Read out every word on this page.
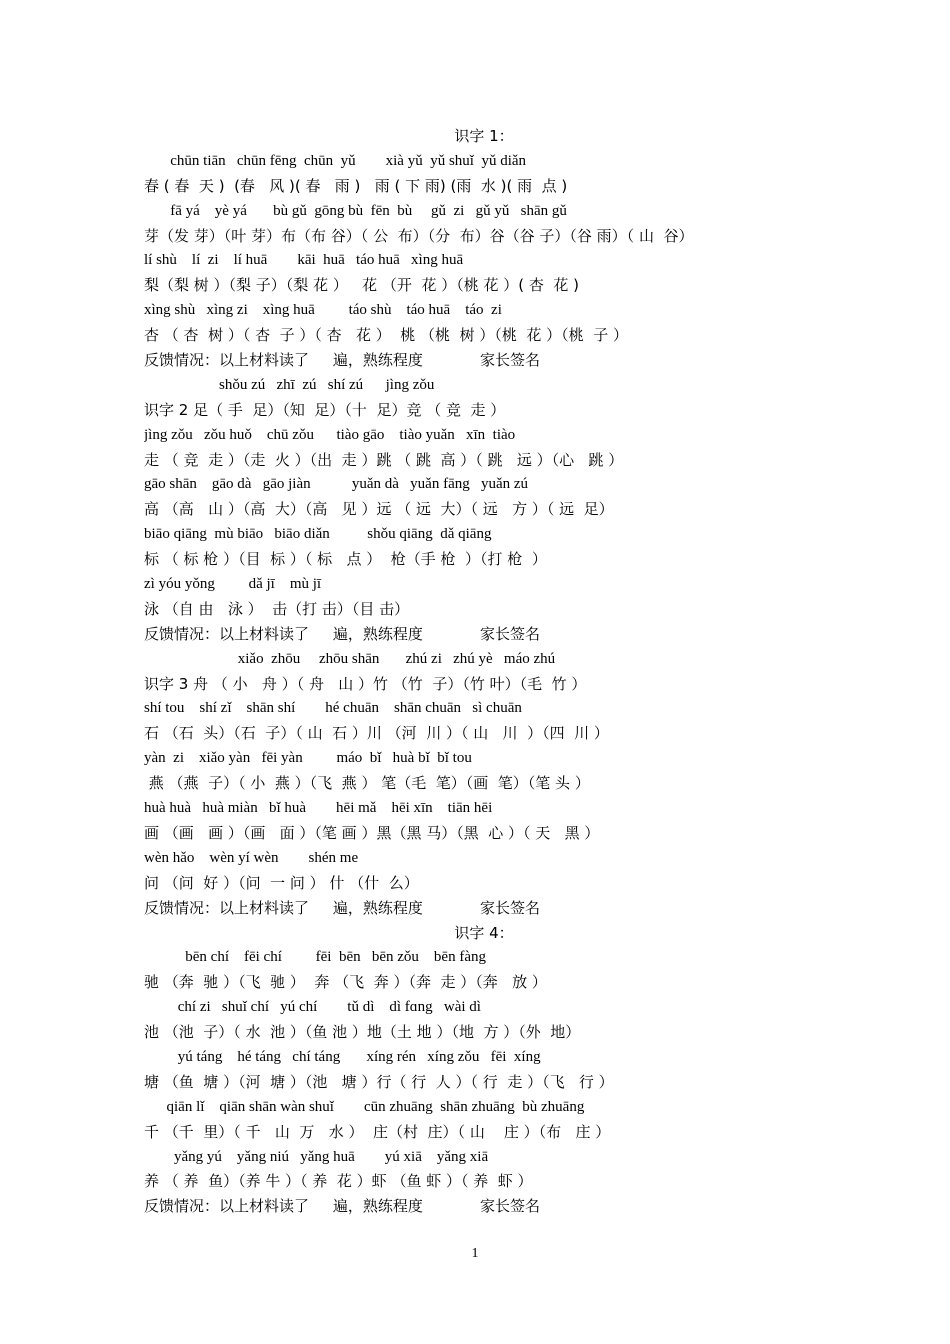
识字 1：
chūn tiān   chūn fēng  chūn  yǔ        xià yǔ  yǔ shuǐ  yǔ diǎn
春 ( 春  天 )  (春   风 )( 春   雨 )   雨 ( 下 雨) (雨  水 )( 雨  点 )
fā yá    yè yá       bù gǔ  gōng bù  fēn  bù     gǔ  zi   gǔ yǔ   shān gǔ
芽（发 芽）（叶 芽）布（布 谷）（ 公  布）（分  布）谷（谷 子）（谷 雨）（ 山  谷）
lí shù    lí  zi    lí huā        kāi  huā   táo huā   xìng huā
梨（梨 树 ）（梨 子）（梨 花 ）   花 （开  花 ）（桃 花 ）( 杏  花 )
xìng shù   xìng zi    xìng huā         táo shù    táo huā    táo  zi
杏 （ 杏  树 ）（ 杏  子 ）（ 杏   花 ）  桃 （桃  树 ）（桃  花 ）（桃  子 ）
反馈情况：以上材料读了     遍，熟练程度            家长签名
shǒu zú   zhī  zú   shí zú      jìng zǒu
识字 2 足（ 手  足）（知  足）（十  足）竞 （ 竞  走 ）
jìng zǒu   zǒu huǒ    chū zǒu      tiào gāo    tiào yuǎn   xīn  tiào
走 （ 竞  走 ）（走  火 ）（出  走 ）跳 （ 跳  高 ）（ 跳   远 ）（心   跳 ）
gāo shān    gāo dà   gāo jiàn           yuǎn dà   yuǎn fāng   yuǎn zú
高 （高   山 ）（高  大）（高   见 ）远 （ 远  大）（ 远   方 ）（ 远  足）
biāo qiāng  mù biāo   biāo diǎn          shǒu qiāng  dǎ qiāng
标 （ 标 枪 ）（目  标 ）（ 标   点 ）  枪（手 枪  ）（打 枪  ）
zì yóu yǒng         dǎ jī    mù jī
泳 （自 由   泳 ）  击（打 击）（目 击）
反馈情况：以上材料读了     遍，熟练程度            家长签名
xiǎo  zhōu     zhōu shān       zhú zi   zhú yè   máo zhú
识字 3 舟 （ 小   舟 ）（ 舟   山 ）竹 （竹  子）（竹 叶）（毛  竹 ）
shí tou    shí zǐ    shān shí        hé chuān    shān chuān   sì chuān
石 （石  头）（石  子）（ 山  石 ）川 （河  川 ）（ 山   川  ）（四  川 ）
yàn  zi    xiǎo yàn   fēi yàn         máo  bǐ   huà bǐ  bǐ tou
燕 （燕  子）（ 小  燕 ）（飞  燕 ） 笔（毛  笔）（画  笔）（笔 头 ）
huà huà   huà miàn   bǐ huà        hēi mǎ    hēi xīn    tiān hēi
画 （画   画 ）（画   面 ）（笔 画 ）黑（黑 马）（黑  心 ）（ 天   黑 ）
wèn hǎo    wèn yí wèn        shén me
问 （问  好 ）（问  一 问 ） 什 （什  么）
反馈情况：以上材料读了     遍，熟练程度            家长签名
识字 4：
bēn chí    fēi chí         fēi  bēn   bēn zǒu    bēn fàng
驰 （奔  驰 ）（飞  驰 ）  奔 （飞  奔 ）（奔  走 ）（奔   放 ）
chí zi   shuǐ chí   yú chí        tǔ dì    dì fɑng   wài dì
池 （池  子）（ 水  池 ）（鱼 池 ）地（土 地 ）（地  方 ）（外  地）
yú táng    hé táng   chí táng       xíng rén   xíng zǒu   fēi  xíng
塘 （鱼  塘 ）（河  塘 ）（池   塘 ）行（ 行  人 ）（ 行  走 ）（飞   行 ）
qiān lǐ    qiān shān wàn shuǐ        cūn zhuāng  shān zhuāng  bù zhuāng
千 （千  里）（ 千   山  万   水 ）  庄（村  庄）（ 山    庄 ）（布   庄 ）
yǎng yú    yǎng niú   yǎng huā        yú xiā    yǎng xiā
养 （ 养  鱼）（养 牛 ）（ 养  花 ）虾 （鱼 虾 ）（ 养  虾 ）
反馈情况：以上材料读了     遍，熟练程度            家长签名
1
